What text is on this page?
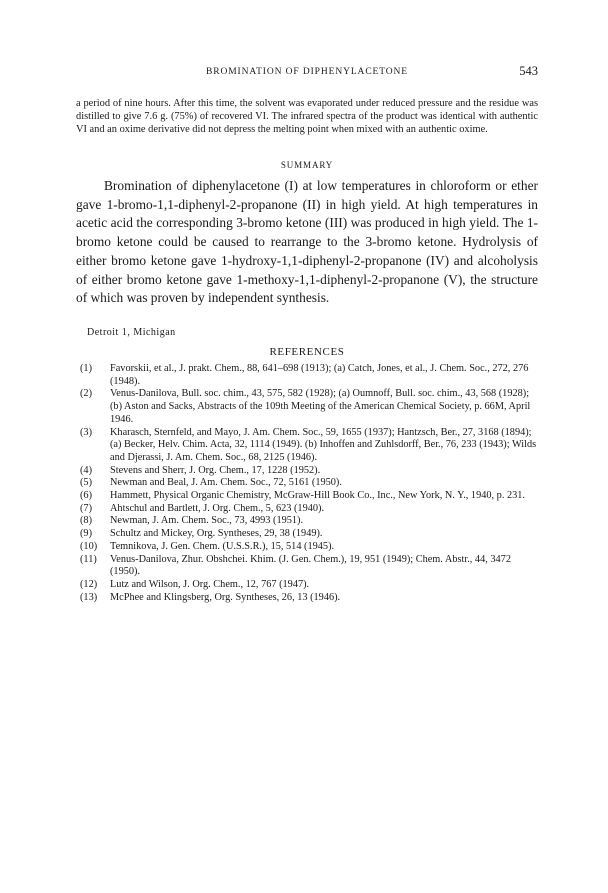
BROMINATION OF DIPHENYLACETONE	543

a period of nine hours. After this time, the solvent was evaporated under reduced pressure and the residue was distilled to give 7.6 g. (75%) of recovered VI. The infrared spectra of the product was identical with authentic VI and an oxime derivative did not depress the melting point when mixed with an authentic oxime.

SUMMARY

Bromination of diphenylacetone (I) at low temperatures in chloroform or ether gave 1-bromo-1,1-diphenyl-2-propanone (II) in high yield. At high temperatures in acetic acid the corresponding 3-bromo ketone (III) was produced in high yield. The 1-bromo ketone could be caused to rearrange to the 3-bromo ketone. Hydrolysis of either bromo ketone gave 1-hydroxy-1,1-diphenyl-2-propanone (IV) and alcoholysis of either bromo ketone gave 1-methoxy-1,1-diphenyl-2-propanone (V), the structure of which was proven by independent synthesis.

Detroit 1, Michigan
REFERENCES
(1) Favorskii, et al., J. prakt. Chem., 88, 641–698 (1913); (a) Catch, Jones, et al., J. Chem. Soc., 272, 276 (1948).
(2) Venus-Danilova, Bull. soc. chim., 43, 575, 582 (1928); (a) Oumnoff, Bull. soc. chim., 43, 568 (1928); (b) Aston and Sacks, Abstracts of the 109th Meeting of the American Chemical Society, p. 66M, April 1946.
(3) Kharasch, Sternfeld, and Mayo, J. Am. Chem. Soc., 59, 1655 (1937); Hantzsch, Ber., 27, 3168 (1894); (a) Becker, Helv. Chim. Acta, 32, 1114 (1949). (b) Inhoffen and Zuhlsdorff, Ber., 76, 233 (1943); Wilds and Djerassi, J. Am. Chem. Soc., 68, 2125 (1946).
(4) Stevens and Sherr, J. Org. Chem., 17, 1228 (1952).
(5) Newman and Beal, J. Am. Chem. Soc., 72, 5161 (1950).
(6) Hammett, Physical Organic Chemistry, McGraw-Hill Book Co., Inc., New York, N. Y., 1940, p. 231.
(7) Ahtschul and Bartlett, J. Org. Chem., 5, 623 (1940).
(8) Newman, J. Am. Chem. Soc., 73, 4993 (1951).
(9) Schultz and Mickey, Org. Syntheses, 29, 38 (1949).
(10) Temnikova, J. Gen. Chem. (U.S.S.R.), 15, 514 (1945).
(11) Venus-Danilova, Zhur. Obshchei. Khim. (J. Gen. Chem.), 19, 951 (1949); Chem. Abstr., 44, 3472 (1950).
(12) Lutz and Wilson, J. Org. Chem., 12, 767 (1947).
(13) McPhee and Klingsberg, Org. Syntheses, 26, 13 (1946).
